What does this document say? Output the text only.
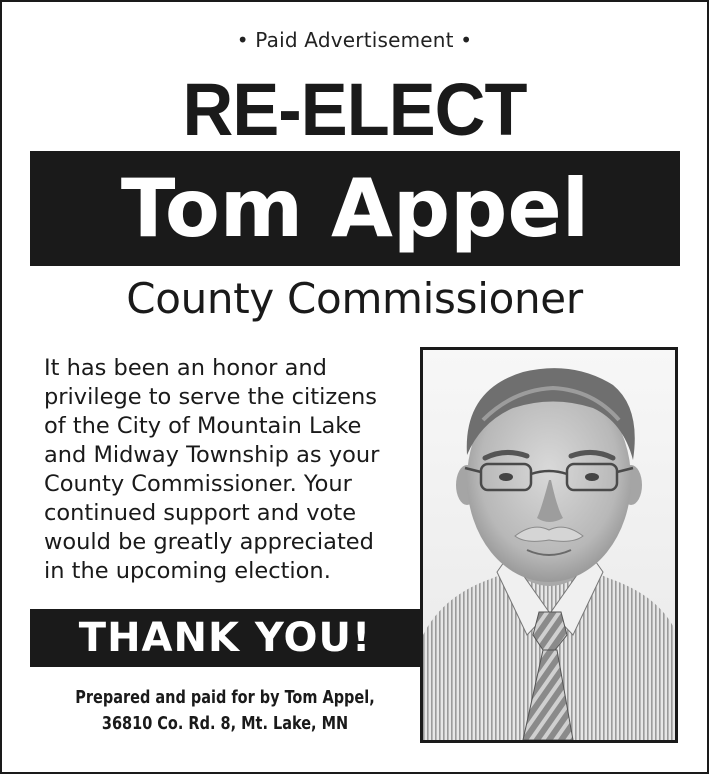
• Paid Advertisement •
RE-ELECT
Tom Appel
County Commissioner
It has been an honor and
privilege to serve the citizens
of the City of Mountain Lake
and Midway Township as your
County Commissioner. Your
continued support and vote
would be greatly appreciated
in the upcoming election.
THANK YOU!
Prepared and paid for by Tom Appel,
36810 Co. Rd. 8, Mt. Lake, MN
